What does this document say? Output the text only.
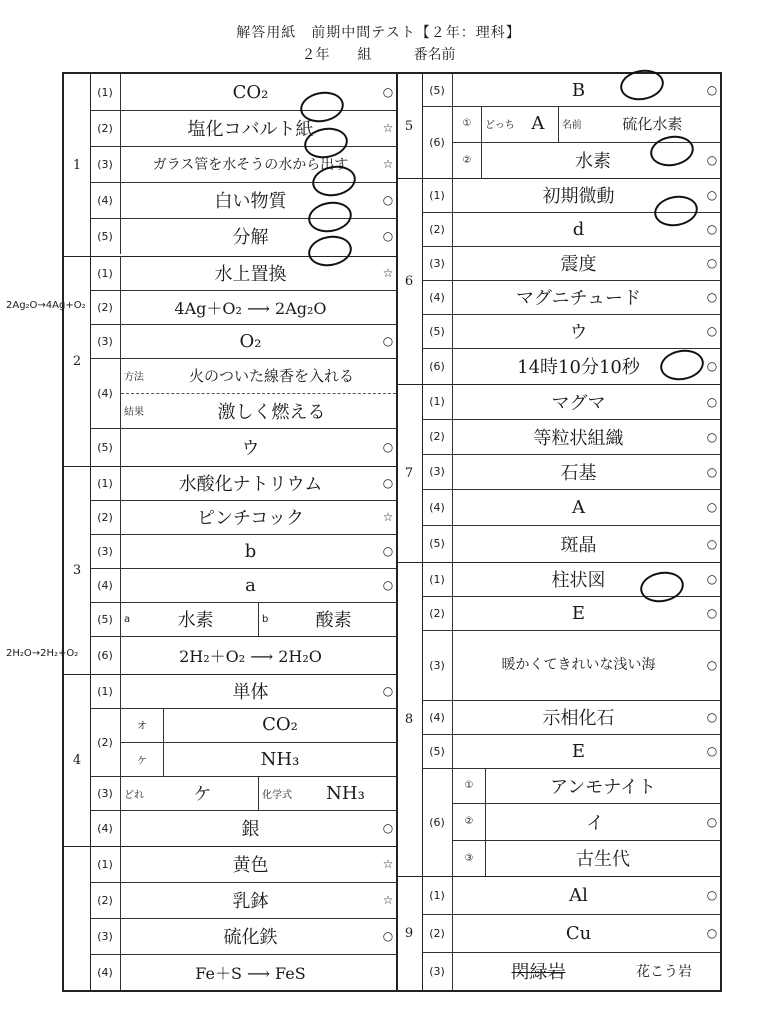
解答用紙　前期中間テスト【２年：理科】
２年　　組　　　番名前
2Ag₂O→4Ag+O₂
2H₂O→2H₂+O₂
1
(1)	CO₂	○
(2)	塩化コバルト紙	☆
(3)	ガラス管を水そうの水から出す	☆
(4)	白い物質	○
(5)	分解	○
2
(1)	水上置換	☆
(2)	4Ag＋O₂ ⟶ 2Ag₂O
(3)	O₂	○
(4)
方法	火のついた線香を入れる
結果	激しく燃える
(5)	ウ	○
3
(1)	水酸化ナトリウム	○
(2)	ピンチコック	☆
(3)	b	○
(4)	a	○
(5)	a	水素	b	酸素
(6)	2H₂＋O₂ ⟶ 2H₂O
4
(1)	単体	○
(2)
オ	CO₂
ケ	NH₃
(3)	どれ	ケ	化学式	NH₃
(4)	銀	○
(1)	黄色	☆
(2)	乳鉢	☆
(3)	硫化鉄	○
(4)	Fe＋S ⟶ FeS
5
(5)	B	○
(6)
①	どっち A	名前	硫化水素
②	水素	○
6
(1)	初期微動	○
(2)	d	○
(3)	震度	○
(4)	マグニチュード	○
(5)	ウ	○
(6)	14時10分10秒	○
7
(1)	マグマ	○
(2)	等粒状組織	○
(3)	石基	○
(4)	A	○
(5)	斑晶	○
8
(1)	柱状図	○
(2)	E	○
(3)	暖かくてきれいな浅い海	○
(4)	示相化石	○
(5)	E	○
(6)
①	アンモナイト
②	イ	○
③	古生代
9
(1)	Al	○
(2)	Cu	○
(3)	閃緑岩	花こう岩
